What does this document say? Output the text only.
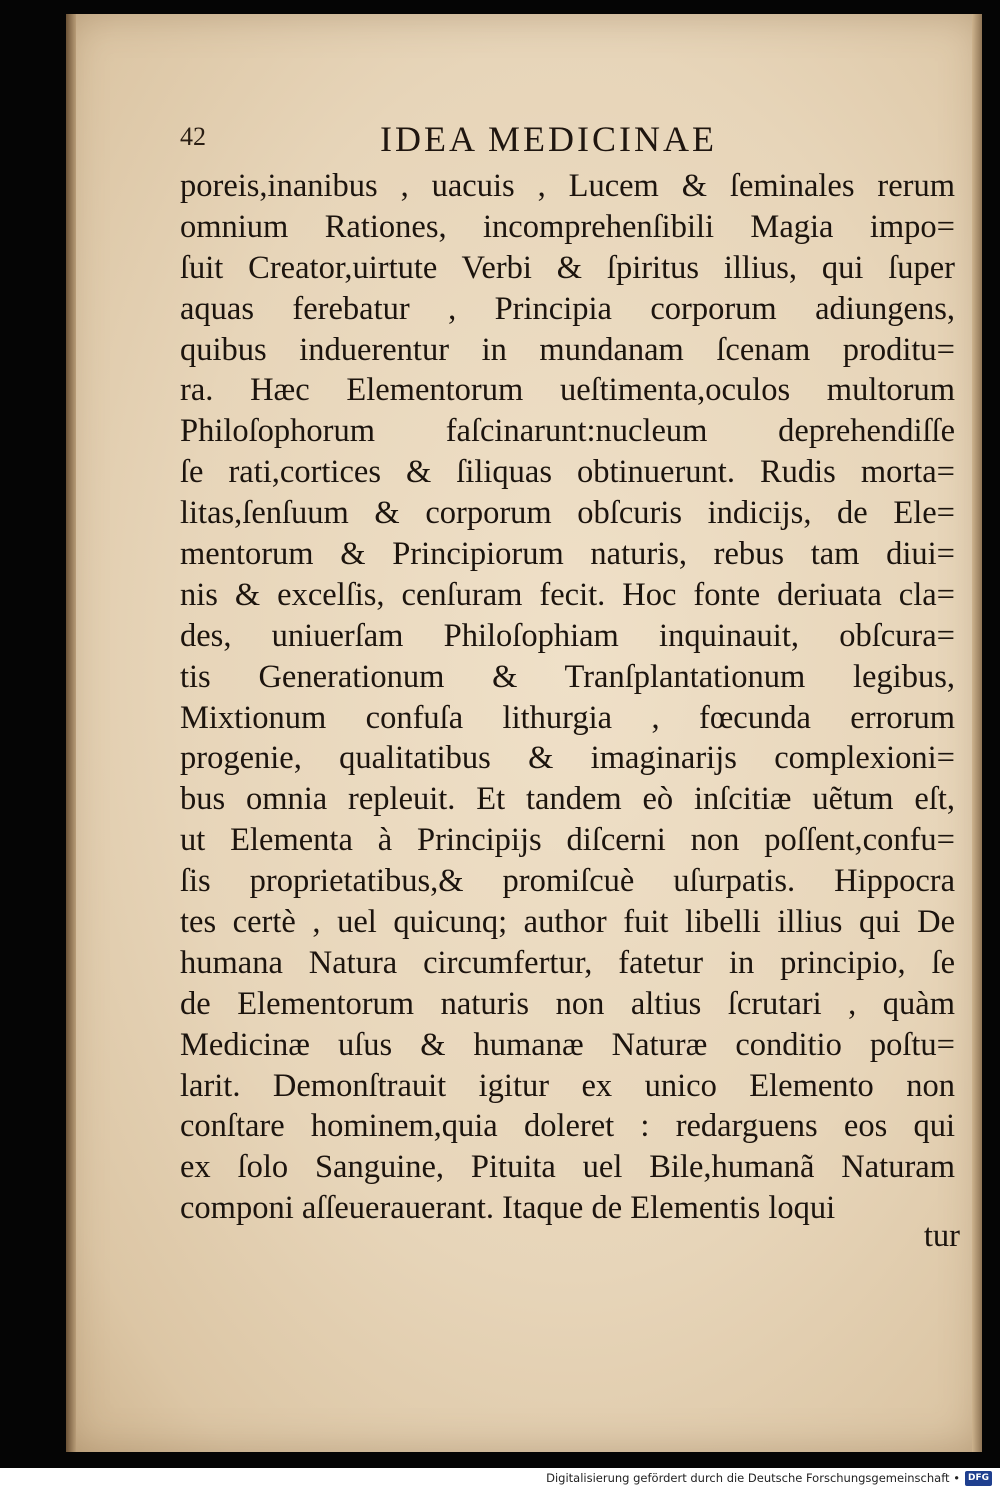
42	IDEA MEDICINAE
poreis,inanibus , uacuis , Lucem & ſeminales rerum
omnium Rationes, incomprehenſibili Magia impo=
ſuit Creator,uirtute Verbi & ſpiritus illius, qui ſuper
aquas ferebatur , Principia corporum adiungens,
quibus induerentur in mundanam ſcenam proditu=
ra. Hæc Elementorum ueſtimenta,oculos multorum
Philoſophorum faſcinarunt:nucleum deprehendiſſe
ſe rati,cortices & ſiliquas obtinuerunt. Rudis morta=
litas,ſenſuum & corporum obſcuris indicijs, de Ele=
mentorum & Principiorum naturis, rebus tam diui=
nis & excelſis, cenſuram fecit. Hoc fonte deriuata cla=
des, uniuerſam Philoſophiam inquinauit, obſcura=
tis Generationum & Tranſplantationum legibus,
Mixtionum confuſa lithurgia , fœcunda errorum
progenie, qualitatibus & imaginarijs complexioni=
bus omnia repleuit. Et tandem eò inſcitiæ uẽtum eſt,
ut Elementa à Principijs diſcerni non poſſent,confu=
ſis proprietatibus,& promiſcuè uſurpatis. Hippocra
tes certè , uel quicunq; author fuit libelli illius qui De
humana Natura circumfertur, fatetur in principio, ſe
de Elementorum naturis non altius ſcrutari , quàm
Medicinæ uſus & humanæ Naturæ conditio poſtu=
larit. Demonſtrauit igitur ex unico Elemento non
conſtare hominem,quia doleret : redarguens eos qui
ex ſolo Sanguine, Pituita uel Bile,humanã Naturam
componi aſſeuerauerant. Itaque de Elementis loqui
tur
Digitalisierung gefördert durch die Deutsche Forschungsgemeinschaft • DFG
